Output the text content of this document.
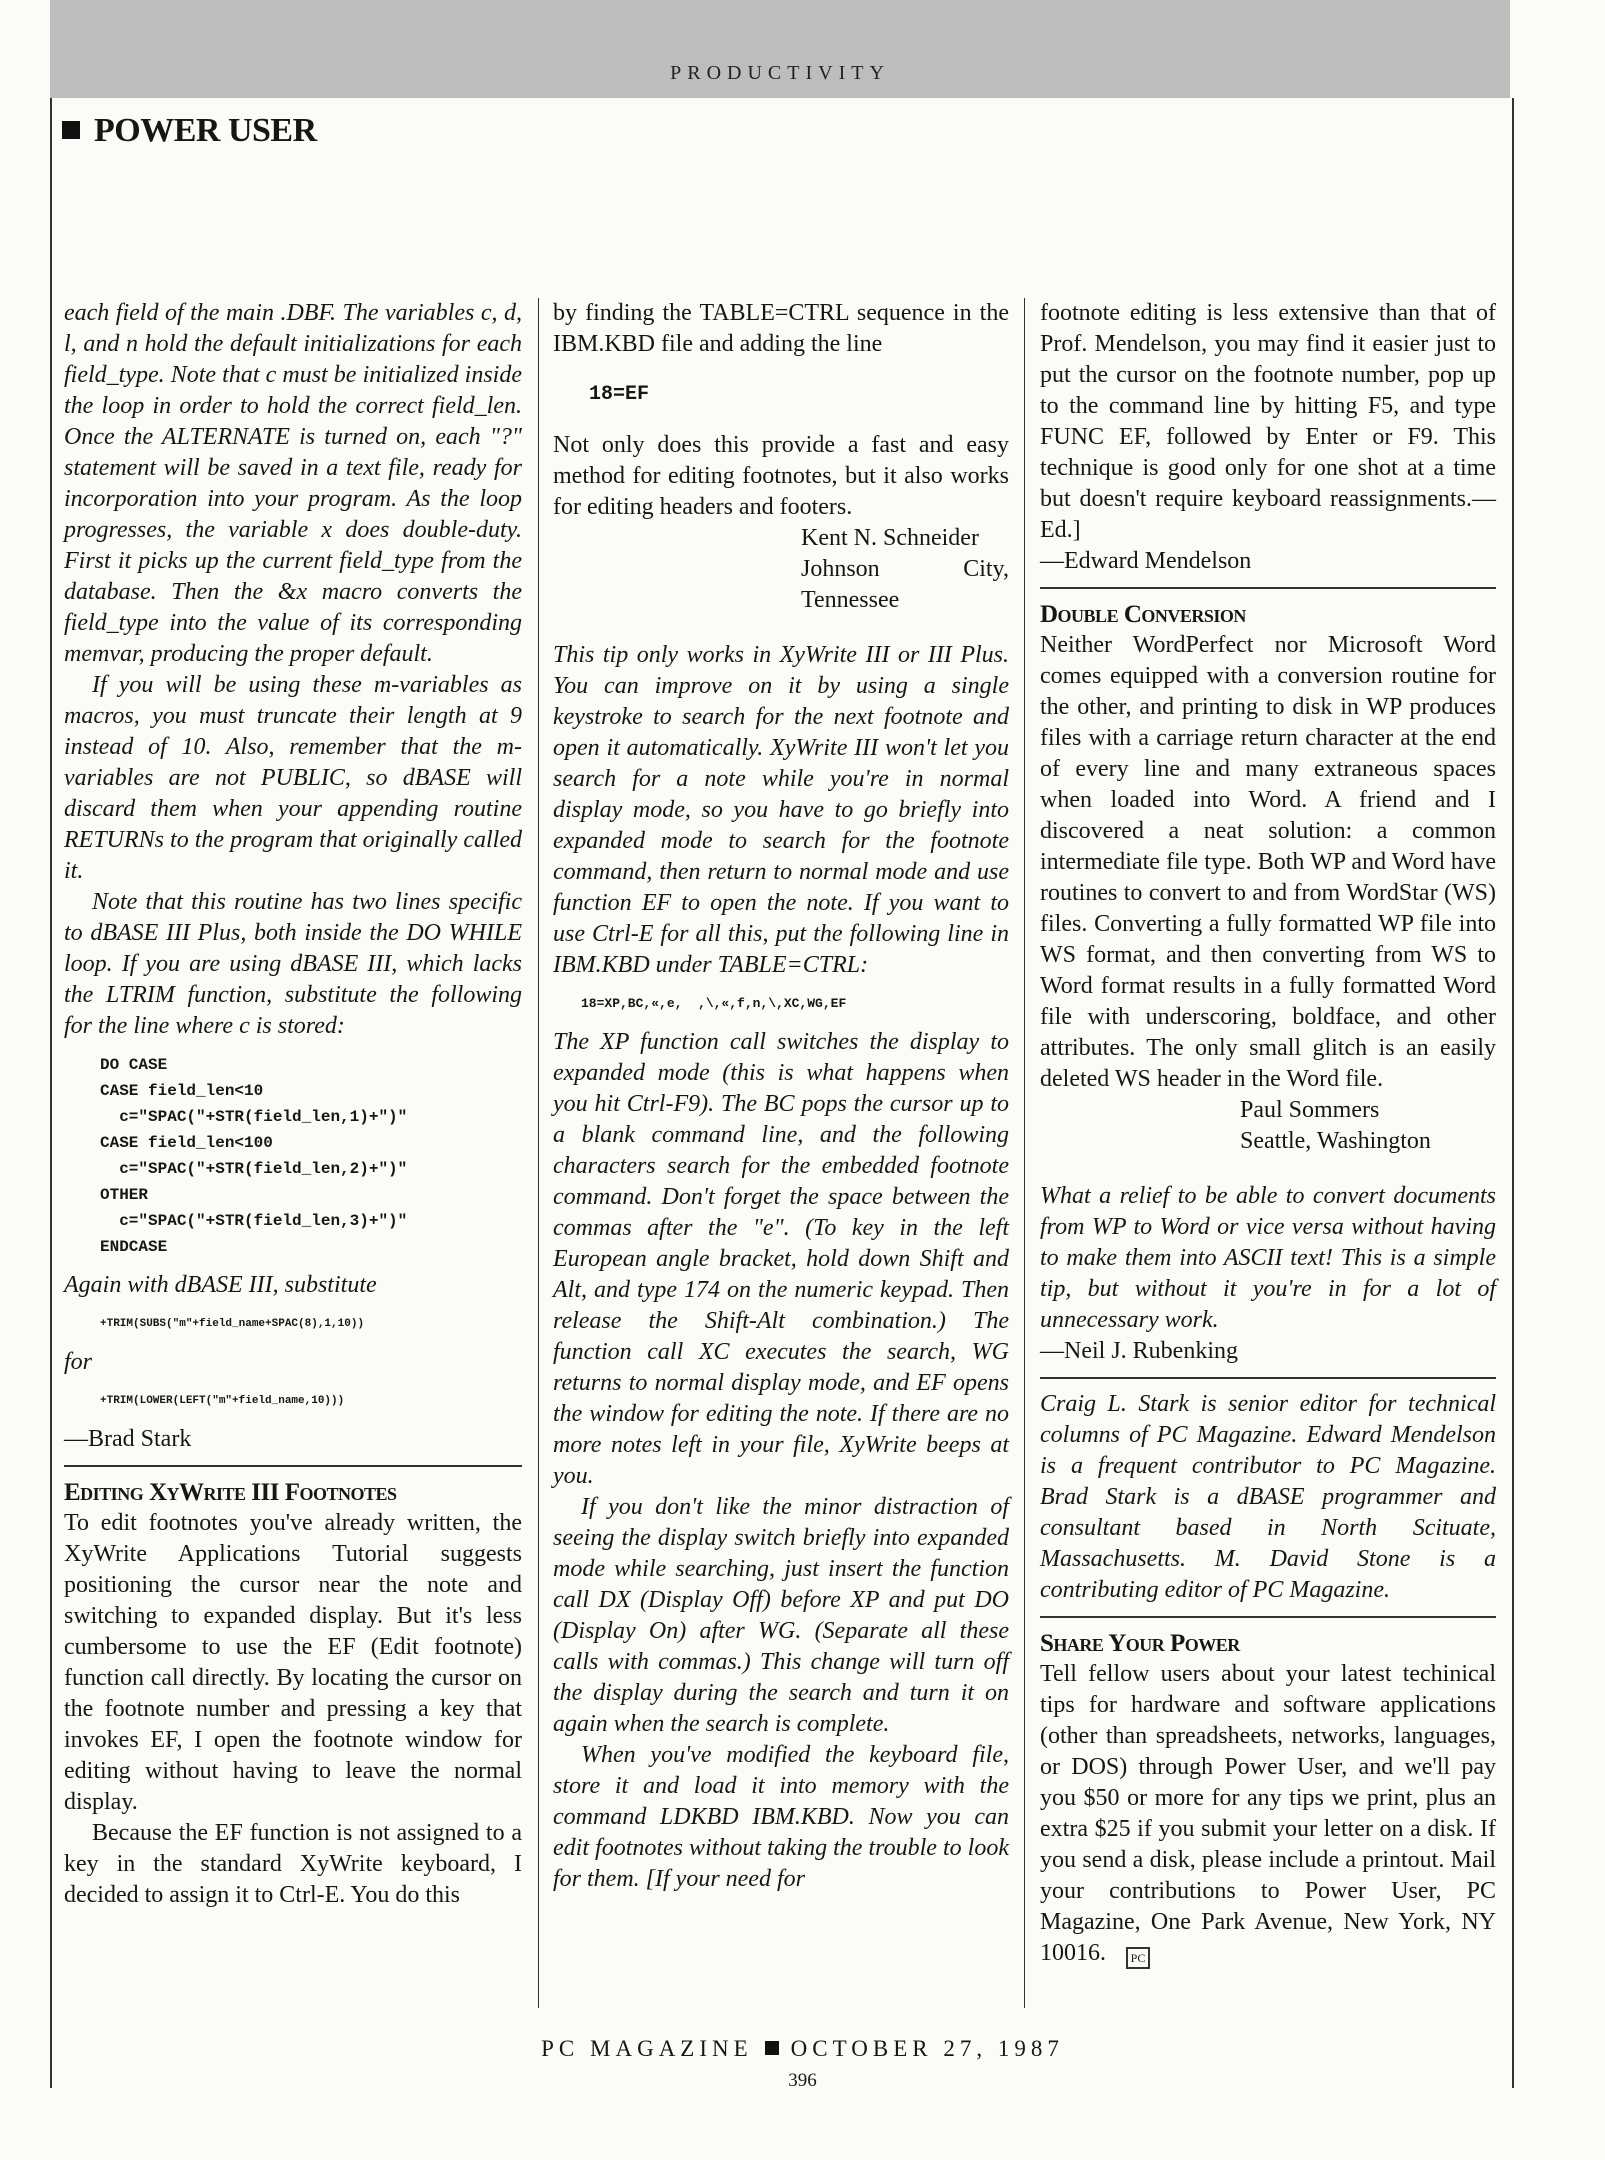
PRODUCTIVITY
POWER USER

each field of the main .DBF. The variables c, d, l, and n hold the default initializations for each field_type. Note that c must be initialized inside the loop in order to hold the correct field_len. Once the ALTERNATE is turned on, each "?" statement will be saved in a text file, ready for incorporation into your program. As the loop progresses, the variable x does double-duty. First it picks up the current field_type from the database. Then the &x macro converts the field_type into the value of its corresponding memvar, producing the proper default.

If you will be using these m-variables as macros, you must truncate their length at 9 instead of 10. Also, remember that the m-variables are not PUBLIC, so dBASE will discard them when your appending routine RETURNs to the program that originally called it.

Note that this routine has two lines specific to dBASE III Plus, both inside the DO WHILE loop. If you are using dBASE III, which lacks the LTRIM function, substitute the following for the line where c is stored:

DO CASE
CASE field_len<10
c="SPAC("+STR(field_len,1)+")"
CASE field_len<100
c="SPAC("+STR(field_len,2)+")"
OTHER
c="SPAC("+STR(field_len,3)+")"
ENDCASE

Again with dBASE III, substitute

+TRIM(SUBS("m"+field_name+SPAC(8),1,10))

for

+TRIM(LOWER(LEFT("m"+field_name,10)))

—Brad Stark

Editing XyWrite III Footnotes

To edit footnotes you've already written, the XyWrite Applications Tutorial suggests positioning the cursor near the note and switching to expanded display. But it's less cumbersome to use the EF (Edit footnote) function call directly. By locating the cursor on the footnote number and pressing a key that invokes EF, I open the footnote window for editing without having to leave the normal display.

Because the EF function is not assigned to a key in the standard XyWrite keyboard, I decided to assign it to Ctrl-E. You do this

by finding the TABLE=CTRL sequence in the IBM.KBD file and adding the line

18=EF

Not only does this provide a fast and easy method for editing footnotes, but it also works for editing headers and footers.

Kent N. Schneider

Johnson City, Tennessee

This tip only works in XyWrite III or III Plus. You can improve on it by using a single keystroke to search for the next footnote and open it automatically. XyWrite III won't let you search for a note while you're in normal display mode, so you have to go briefly into expanded mode to search for the footnote command, then return to normal mode and use function EF to open the note. If you want to use Ctrl-E for all this, put the following line in IBM.KBD under TABLE=CTRL:

18=XP,BC,«,e,  ,\,«,f,n,\,XC,WG,EF

The XP function call switches the display to expanded mode (this is what happens when you hit Ctrl-F9). The BC pops the cursor up to a blank command line, and the following characters search for the embedded footnote command. Don't forget the space between the commas after the "e". (To key in the left European angle bracket, hold down Shift and Alt, and type 174 on the numeric keypad. Then release the Shift-Alt combination.) The function call XC executes the search, WG returns to normal display mode, and EF opens the window for editing the note. If there are no more notes left in your file, XyWrite beeps at you.

If you don't like the minor distraction of seeing the display switch briefly into expanded mode while searching, just insert the function call DX (Display Off) before XP and put DO (Display On) after WG. (Separate all these calls with commas.) This change will turn off the display during the search and turn it on again when the search is complete.

When you've modified the keyboard file, store it and load it into memory with the command LDKBD IBM.KBD. Now you can edit footnotes without taking the trouble to look for them. [If your need for

footnote editing is less extensive than that of Prof. Mendelson, you may find it easier just to put the cursor on the footnote number, pop up to the command line by hitting F5, and type FUNC EF, followed by Enter or F9. This technique is good only for one shot at a time but doesn't require keyboard reassignments.—Ed.]

—Edward Mendelson

Double Conversion

Neither WordPerfect nor Microsoft Word comes equipped with a conversion routine for the other, and printing to disk in WP produces files with a carriage return character at the end of every line and many extraneous spaces when loaded into Word. A friend and I discovered a neat solution: a common intermediate file type. Both WP and Word have routines to convert to and from WordStar (WS) files. Converting a fully formatted WP file into WS format, and then converting from WS to Word format results in a fully formatted Word file with underscoring, boldface, and other attributes. The only small glitch is an easily deleted WS header in the Word file.

Paul Sommers

Seattle, Washington

What a relief to be able to convert documents from WP to Word or vice versa without having to make them into ASCII text! This is a simple tip, but without it you're in for a lot of unnecessary work.

—Neil J. Rubenking

Craig L. Stark is senior editor for technical columns of PC Magazine. Edward Mendelson is a frequent contributor to PC Magazine. Brad Stark is a dBASE programmer and consultant based in North Scituate, Massachusetts. M. David Stone is a contributing editor of PC Magazine.

Share Your Power

Tell fellow users about your latest techinical tips for hardware and software applications (other than spreadsheets, networks, languages, or DOS) through Power User, and we'll pay you $50 or more for any tips we print, plus an extra $25 if you submit your letter on a disk. If you send a disk, please include a printout. Mail your contributions to Power User, PC Magazine, One Park Avenue, New York, NY 10016. PC

PC MAGAZINE OCTOBER 27, 1987
396
